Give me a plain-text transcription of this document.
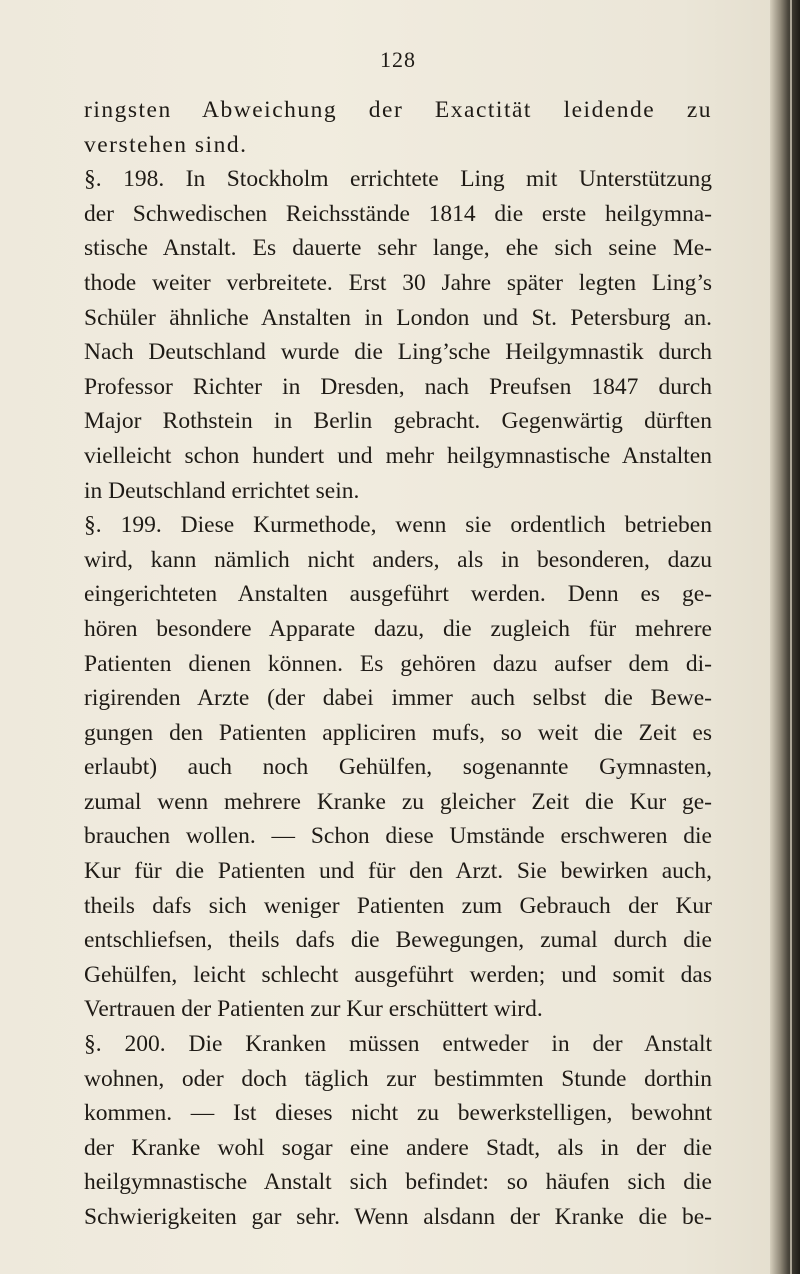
128
ringsten Abweichung der Exactität leidende zu
verstehen sind.
§. 198. In Stockholm errichtete Ling mit Unterstützung
der Schwedischen Reichsstände 1814 die erste heilgymna-
stische Anstalt. Es dauerte sehr lange, ehe sich seine Me-
thode weiter verbreitete. Erst 30 Jahre später legten Ling’s
Schüler ähnliche Anstalten in London und St. Petersburg an.
Nach Deutschland wurde die Ling’sche Heilgymnastik durch
Professor Richter in Dresden, nach Preufsen 1847 durch
Major Rothstein in Berlin gebracht. Gegenwärtig dürften
vielleicht schon hundert und mehr heilgymnastische Anstalten
in Deutschland errichtet sein.
§. 199. Diese Kurmethode, wenn sie ordentlich betrieben
wird, kann nämlich nicht anders, als in besonderen, dazu
eingerichteten Anstalten ausgeführt werden. Denn es ge-
hören besondere Apparate dazu, die zugleich für mehrere
Patienten dienen können. Es gehören dazu aufser dem di-
rigirenden Arzte (der dabei immer auch selbst die Bewe-
gungen den Patienten appliciren mufs, so weit die Zeit es
erlaubt) auch noch Gehülfen, sogenannte Gymnasten,
zumal wenn mehrere Kranke zu gleicher Zeit die Kur ge-
brauchen wollen. — Schon diese Umstände erschweren die
Kur für die Patienten und für den Arzt. Sie bewirken auch,
theils dafs sich weniger Patienten zum Gebrauch der Kur
entschliefsen, theils dafs die Bewegungen, zumal durch die
Gehülfen, leicht schlecht ausgeführt werden; und somit das
Vertrauen der Patienten zur Kur erschüttert wird.
§. 200. Die Kranken müssen entweder in der Anstalt
wohnen, oder doch täglich zur bestimmten Stunde dorthin
kommen. — Ist dieses nicht zu bewerkstelligen, bewohnt
der Kranke wohl sogar eine andere Stadt, als in der die
heilgymnastische Anstalt sich befindet: so häufen sich die
Schwierigkeiten gar sehr. Wenn alsdann der Kranke die be-
